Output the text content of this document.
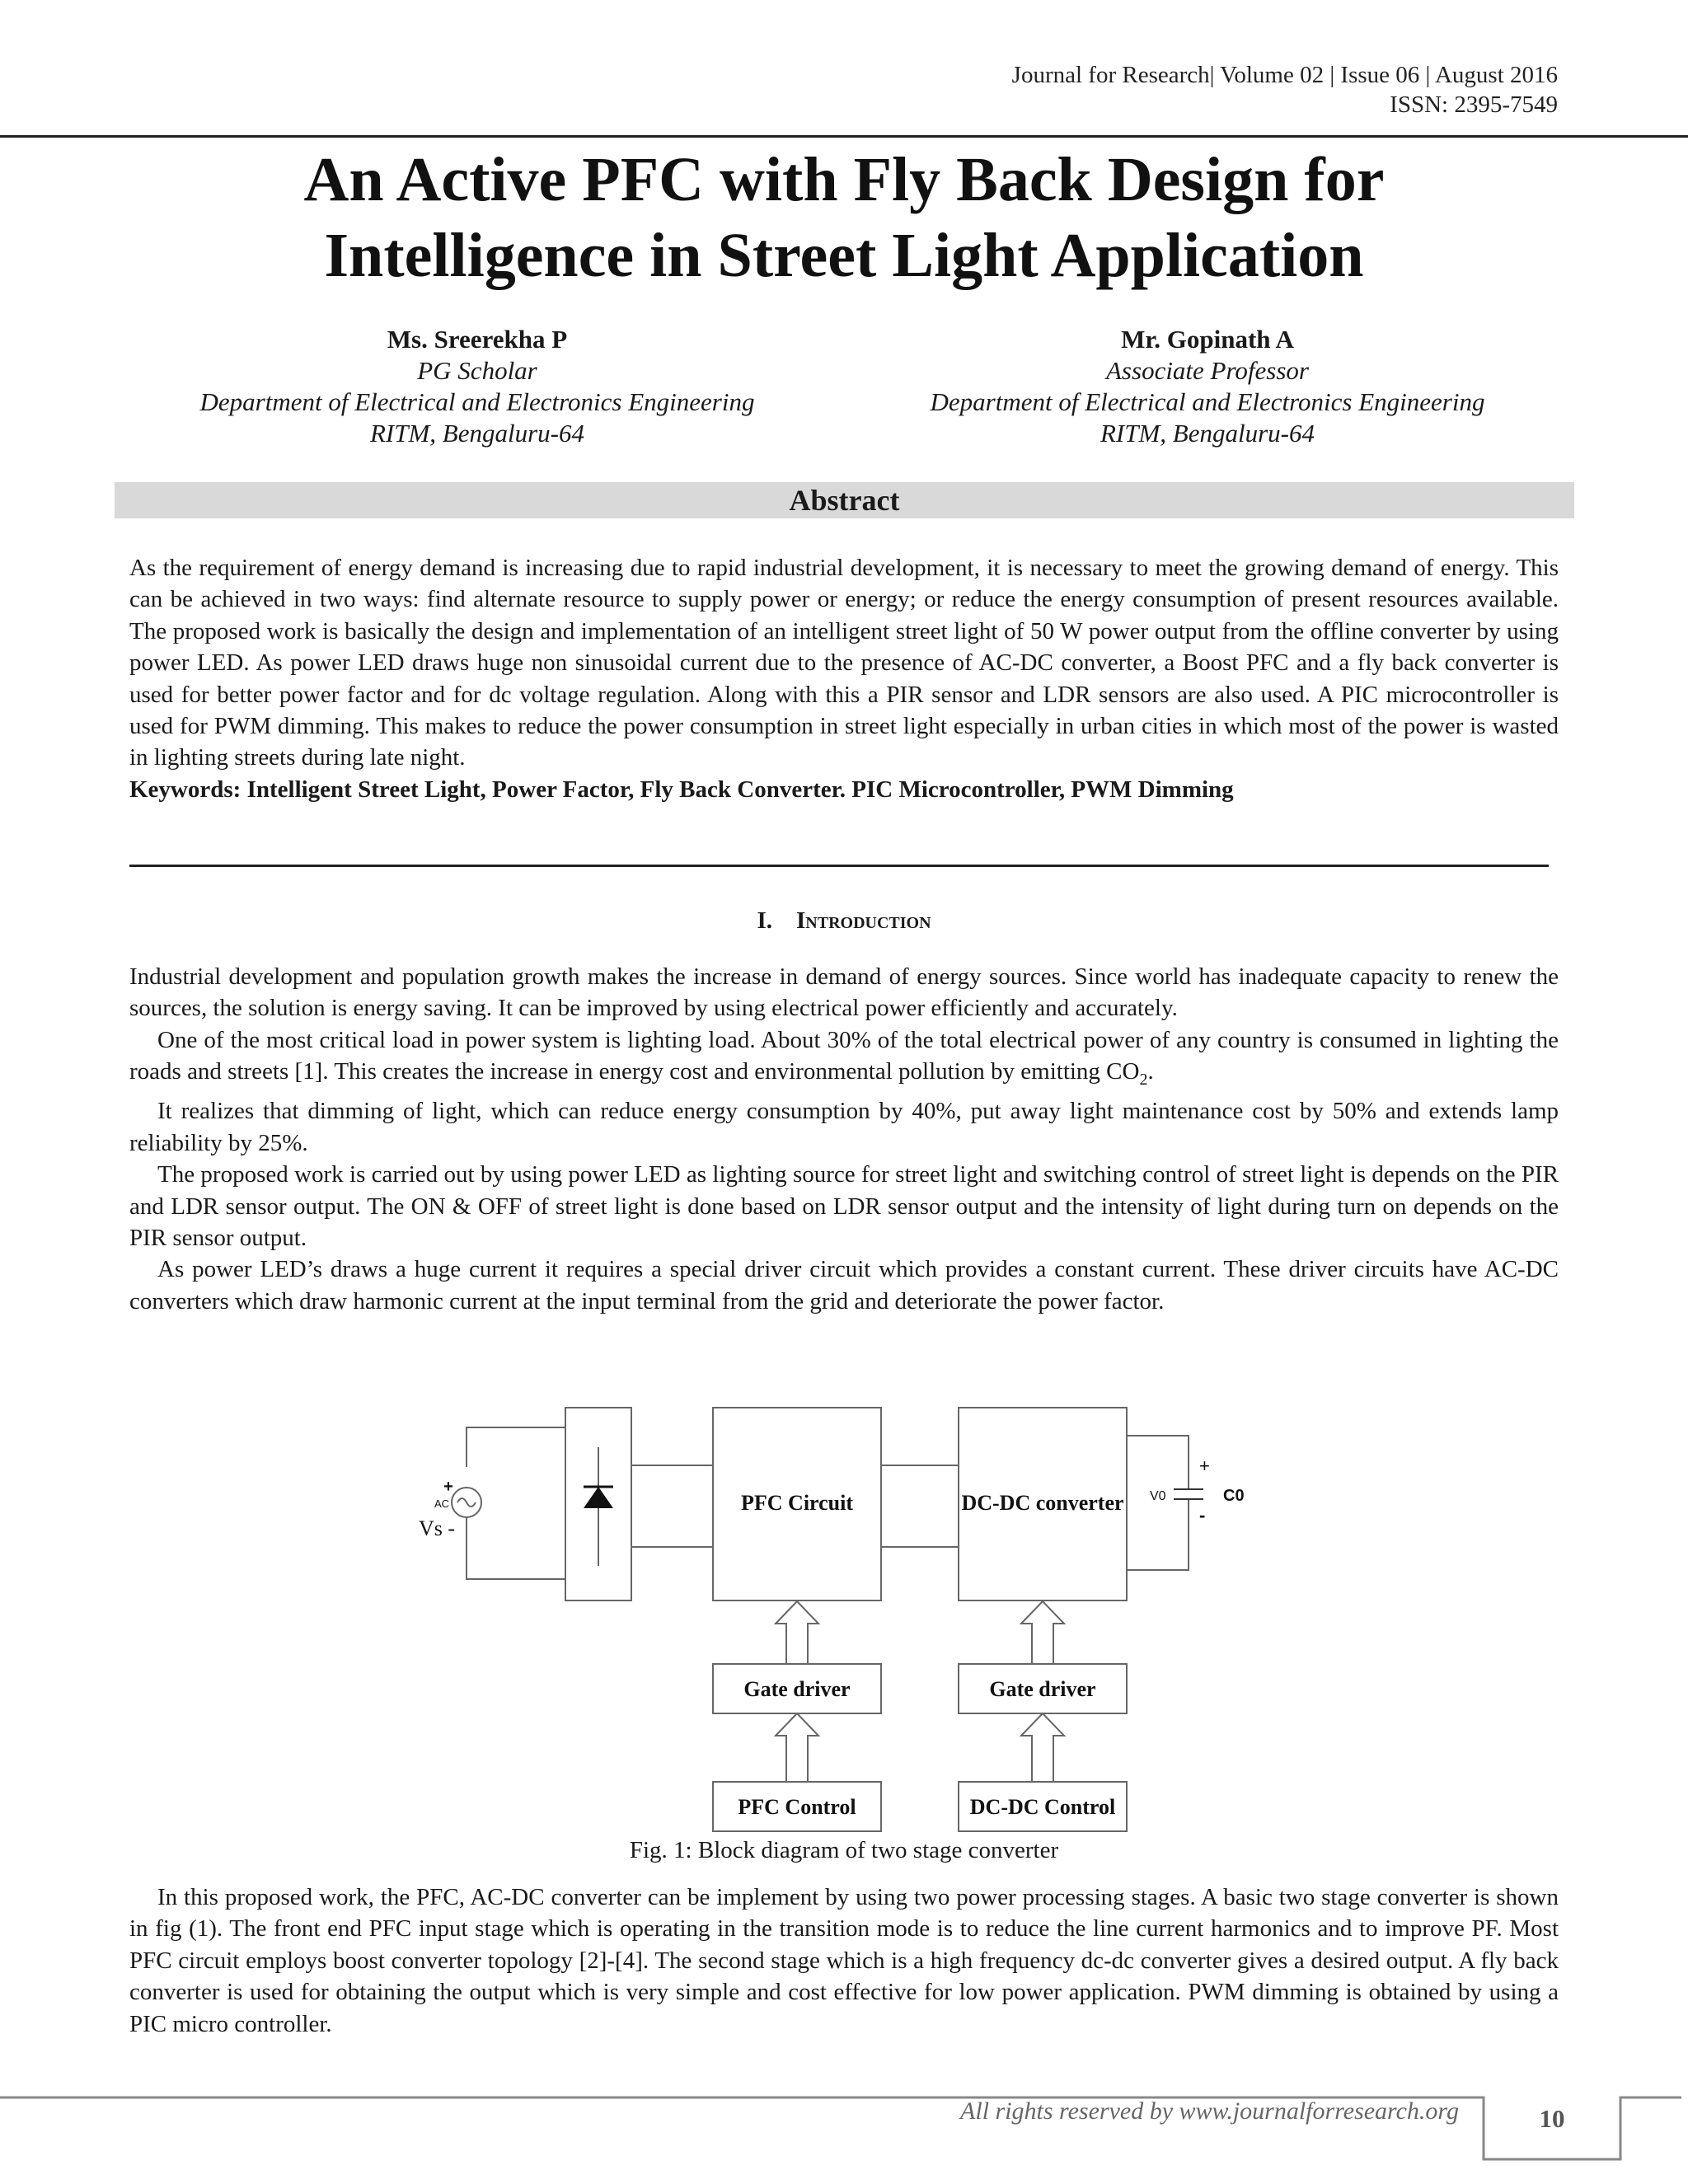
Journal for Research| Volume 02 | Issue 06 | August 2016
ISSN: 2395-7549
An Active PFC with Fly Back Design for
Intelligence in Street Light Application
Ms. Sreerekha P
PG Scholar
Department of Electrical and Electronics Engineering
RITM, Bengaluru-64
Mr. Gopinath A
Associate Professor
Department of Electrical and Electronics Engineering
RITM, Bengaluru-64
Abstract

As the requirement of energy demand is increasing due to rapid industrial development, it is necessary to meet the growing demand of energy. This can be achieved in two ways: find alternate resource to supply power or energy; or reduce the energy consumption of present resources available. The proposed work is basically the design and implementation of an intelligent street light of 50 W power output from the offline converter by using power LED. As power LED draws huge non sinusoidal current due to the presence of AC-DC converter, a Boost PFC and a fly back converter is used for better power factor and for dc voltage regulation. Along with this a PIR sensor and LDR sensors are also used. A PIC microcontroller is used for PWM dimming. This makes to reduce the power consumption in street light especially in urban cities in which most of the power is wasted in lighting streets during late night.

Keywords: Intelligent Street Light, Power Factor, Fly Back Converter. PIC Microcontroller, PWM Dimming

I. Introduction

Industrial development and population growth makes the increase in demand of energy sources. Since world has inadequate capacity to renew the sources, the solution is energy saving. It can be improved by using electrical power efficiently and accurately.

One of the most critical load in power system is lighting load. About 30% of the total electrical power of any country is consumed in lighting the roads and streets [1]. This creates the increase in energy cost and environmental pollution by emitting $CO_2$.

It realizes that dimming of light, which can reduce energy consumption by 40%, put away light maintenance cost by 50% and extends lamp reliability by 25%.

The proposed work is carried out by using power LED as lighting source for street light and switching control of street light is depends on the PIR and LDR sensor output. The ON & OFF of street light is done based on LDR sensor output and the intensity of light during turn on depends on the PIR sensor output.

As power LED’s draws a huge current it requires a special driver circuit which provides a constant current. These driver circuits have AC-DC converters which draw harmonic current at the input terminal from the grid and deteriorate the power factor.

PFC Circuit	DC-DC converter
Gate driver	Gate driver
PFC Control	DC-DC Control
+
AC
Vs -
V0	C0
+
-
Fig. 1: Block diagram of two stage converter

In this proposed work, the PFC, AC-DC converter can be implement by using two power processing stages. A basic two stage converter is shown in fig (1). The front end PFC input stage which is operating in the transition mode is to reduce the line current harmonics and to improve PF. Most PFC circuit employs boost converter topology [2]-[4]. The second stage which is a high frequency dc-dc converter gives a desired output. A fly back converter is used for obtaining the output which is very simple and cost effective for low power application. PWM dimming is obtained by using a PIC micro controller.

All rights reserved by www.journalforresearch.org	10
